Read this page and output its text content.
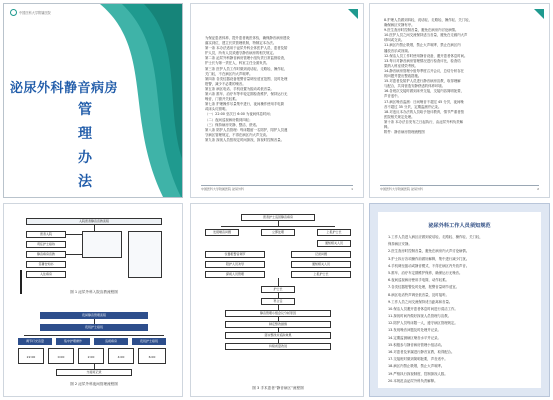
中国医科大学附属医院
泌尿外科静音病房
管
理
办
法
为保证患者休养、提升患者就医体验，确保静音病房建设
落实到位，建立长效管理机制，特制定本办法。
第一条 本办法适用于泌尿外科全体医护人员、患者及陪
护人员，所有人员须遵守静音病房的相关规定。
第二条 泌尿外科静音病房管理小组负责日常监督检查，
护士长为第一责任人，科室主任全面负责。
第三条 医护人员工作时做到说话轻、走路轻、操作轻、
关门轻，不在病区内大声喧哗。
第四条 各类仪器设备报警音量调至适宜范围，及时处理
报警，减少不必要的噪音。
第五条 病区电话、手机设置为振动或低音量。
第六条 推车、治疗车等车轮定期检查维护，保持运行无
噪音，门窗开关轻柔。
第七条 护理操作尽量集中进行，夜间操作使用手电筒
或床头灯照明。
（一）22:00 至次日 6:00 为夜间休息时间；
（二）夜间巡视病房做到四轻；
（三）保持病房安静、整洁、舒适。
第八条 陪护人员管理：每床限留一名陪护，陪护人员遵
守病区管理规定，不得在病区内大声交谈。
第九条 探视人员按规定时间探视，探视时控制音量。
中国医科大学附属医院 泌尿外科	1
8.护理人员做到四轻，说话轻、走路轻、操作轻、关门轻，
确保病区安静有序。
9.医生查房时控制音量，避免在病房内讨论病情。
10.医护人员之间交流保持适当音量，避免在走廊内大声
呼叫或交谈。
11.病区内禁止吸烟，禁止大声喧哗，禁止在病区内
播放音乐或视频。
12.保洁人员工作时使用静音设备，避开患者休息时间。
13.每月对静音病房管理情况进行检查评比，检查结
果纳入科室绩效考核。
14.静音病房管理小组每季度召开会议，总结分析存在
的问题并提出整改措施。
15.对患者及陪护人员进行静音病房宣教，取得理解
与配合，共同营造安静舒适的休养环境。
16.各班次交接时做到床旁交接，交接内容简明扼要，
声音适中。
17.病区噪音监测：日间噪音不超过 45 分贝，夜间噪
音不超过 35 分贝，定期监测并记录。
18.对违反本办法的人员给予批评教育，情节严重者按
医院相关规定处理。
第十条 本办法自发布之日起执行，由泌尿外科负责解
释。
附件：静音病房管理流程图
中国医科大学附属医院 泌尿外科	2
入院患者静音宣教流程
患者入院
责任护士接待
静音病房宣教
签署告知书
入住病房
图 1 泌尿外科入院宣教流程图
夜间静音管理流程
夜班护士接班
调节灯光音量	集中护理操作	巡视病房	夜班护士接班
22:00	0:00	2:00	4:00	6:00
交接班记录
图 2 泌尿外科夜间管理流程图
患者护士巡回静音病房
发现噪音问题	立即处理	上报护士长
通知相关人员
仪器报警音调节
陪护人员劝导
探视人员管理
记录问题
通知相关人员
上报护士长
护士长
科主任
静音管理小组会议分析原因
制定整改措施
落实整改并追踪效果
持续质量改进
图 3 手术患者“静音病区”流程图
泌尿外科工作人员须知规范
1.工作人员进入病区应做到说话轻、走路轻、操作轻、关门轻，
保持病区安静。
2.医生查房时控制音量，避免在病房内大声讨论病情。
3.护士执行各项操作前做好解释，集中进行减少打扰。
4.手机调至振动或静音模式，不得在病区内外放声音。
5.推车、治疗车定期维护保养，确保运行无噪音。
6.夜间巡视病房使用手电筒，动作轻柔。
7.各类仪器报警及时处理，报警音量调节适宜。
8.病区电话铃声调至低音量，及时接听。
9.工作人员之间交流保持适当距离和音量。
10.保洁人员避开患者休息时间进行清洁工作。
11.探视时间内做好探视人员管理与宣教。
12.陪护人员每床限一人，遵守病区管理规定。
13.发现噪音问题及时处理并记录。
14.定期监测病区噪音水平并记录。
15.积极参与静音病房管理小组活动。
16.对患者及家属进行静音宣教，取得配合。
17.交接班时做到简明扼要，声音适中。
18.病区内禁止吸烟，禁止大声喧哗。
19.严格执行探视制度，控制探视人数。
20.本规范由泌尿外科负责解释。
